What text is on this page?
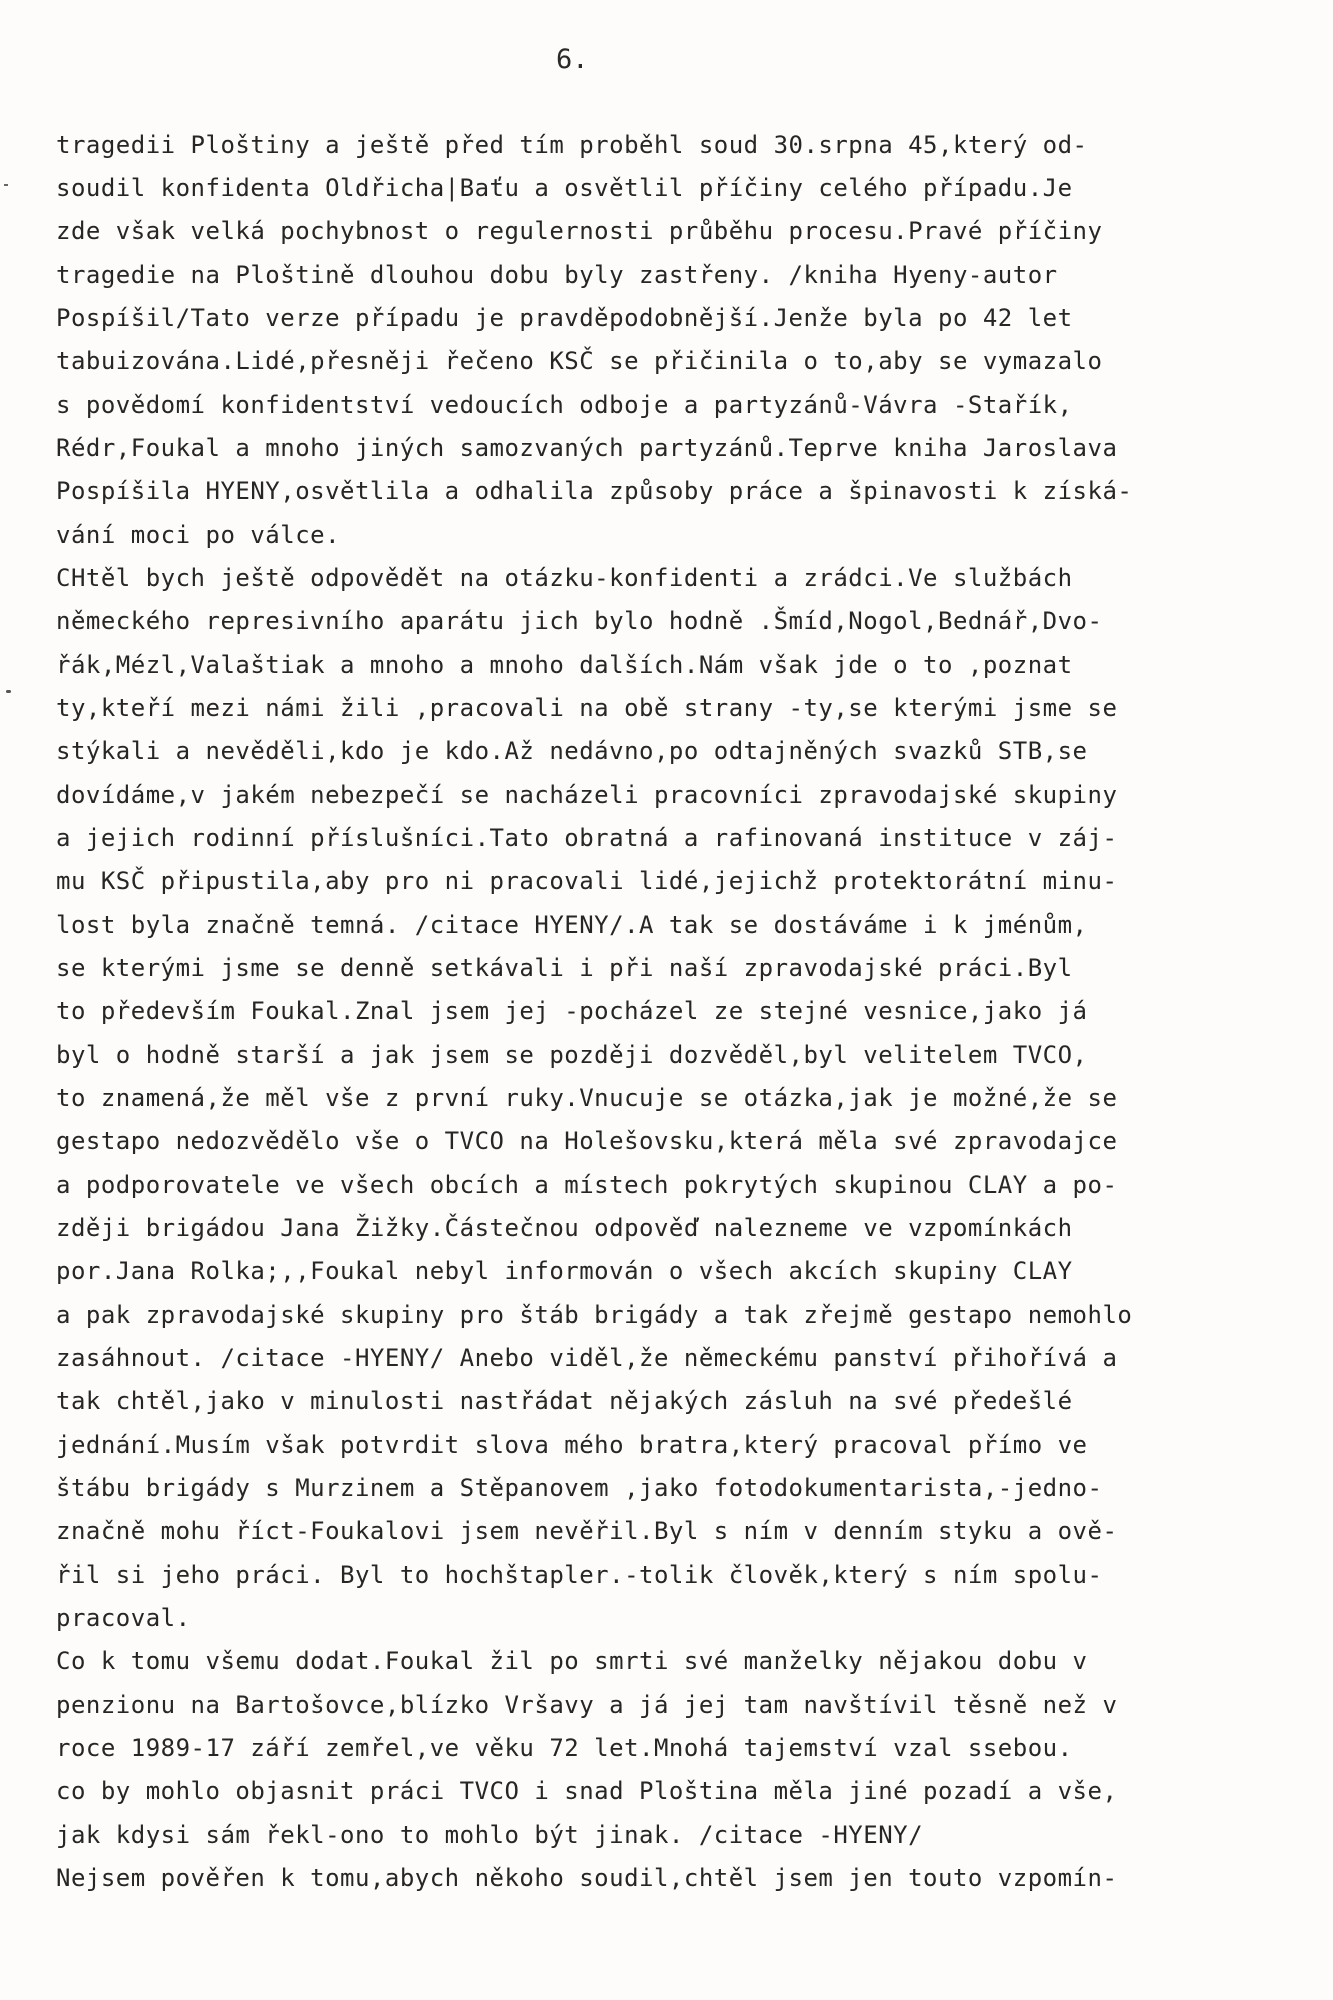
6.
tragedii Ploštiny a ještě před tím proběhl soud 30.srpna 45,který od-
soudil konfidenta Oldřicha|Baťu a osvětlil příčiny celého případu.Je
zde však velká pochybnost o regulernosti průběhu procesu.Pravé příčiny
tragedie na Ploštině dlouhou dobu byly zastřeny. /kniha Hyeny-autor
Pospíšil/Tato verze případu je pravděpodobnější.Jenže byla po 42 let
tabuizována.Lidé,přesněji řečeno KSČ se přičinila o to,aby se vymazalo
s povědomí konfidentství vedoucích odboje a partyzánů-Vávra -Stařík,
Rédr,Foukal a mnoho jiných samozvaných partyzánů.Teprve kniha Jaroslava
Pospíšila HYENY,osvětlila a odhalila způsoby práce a špinavosti k získá-
vání moci po válce.
CHtěl bych ještě odpovědět na otázku-konfidenti a zrádci.Ve službách
německého represivního aparátu jich bylo hodně .Šmíd,Nogol,Bednář,Dvo-
řák,Mézl,Valaštiak a mnoho a mnoho dalších.Nám však jde o to ,poznat
ty,kteří mezi námi žili ,pracovali na obě strany -ty,se kterými jsme se
stýkali a nevěděli,kdo je kdo.Až nedávno,po odtajněných svazků STB,se
dovídáme,v jakém nebezpečí se nacházeli pracovníci zpravodajské skupiny
a jejich rodinní příslušníci.Tato obratná a rafinovaná instituce v záj-
mu KSČ připustila,aby pro ni pracovali lidé,jejichž protektorátní minu-
lost byla značně temná. /citace HYENY/.A tak se dostáváme i k jménům,
se kterými jsme se denně setkávali i při naší zpravodajské práci.Byl
to především Foukal.Znal jsem jej -pocházel ze stejné vesnice,jako já
byl o hodně starší a jak jsem se později dozvěděl,byl velitelem TVCO,
to znamená,že měl vše z první ruky.Vnucuje se otázka,jak je možné,že se
gestapo nedozvědělo vše o TVCO na Holešovsku,která měla své zpravodajce
a podporovatele ve všech obcích a místech pokrytých skupinou CLAY a po-
zději brigádou Jana Žižky.Částečnou odpověď nalezneme ve vzpomínkách
por.Jana Rolka;,,Foukal nebyl informován o všech akcích skupiny CLAY
a pak zpravodajské skupiny pro štáb brigády a tak zřejmě gestapo nemohlo
zasáhnout. /citace -HYENY/ Anebo viděl,že německému panství přihořívá a
tak chtěl,jako v minulosti nastřádat nějakých zásluh na své předešlé
jednání.Musím však potvrdit slova mého bratra,který pracoval přímo ve
štábu brigády s Murzinem a Stěpanovem ,jako fotodokumentarista,-jedno-
značně mohu říct-Foukalovi jsem nevěřil.Byl s ním v denním styku a ově-
řil si jeho práci. Byl to hochštapler.-tolik člověk,který s ním spolu-
pracoval.
Co k tomu všemu dodat.Foukal žil po smrti své manželky nějakou dobu v
penzionu na Bartošovce,blízko Vršavy a já jej tam navštívil těsně než v
roce 1989-17 září zemřel,ve věku 72 let.Mnohá tajemství vzal ssebou.
co by mohlo objasnit práci TVCO i snad Ploština měla jiné pozadí a vše,
jak kdysi sám řekl-ono to mohlo být jinak. /citace -HYENY/
Nejsem pověřen k tomu,abych někoho soudil,chtěl jsem jen touto vzpomín-
